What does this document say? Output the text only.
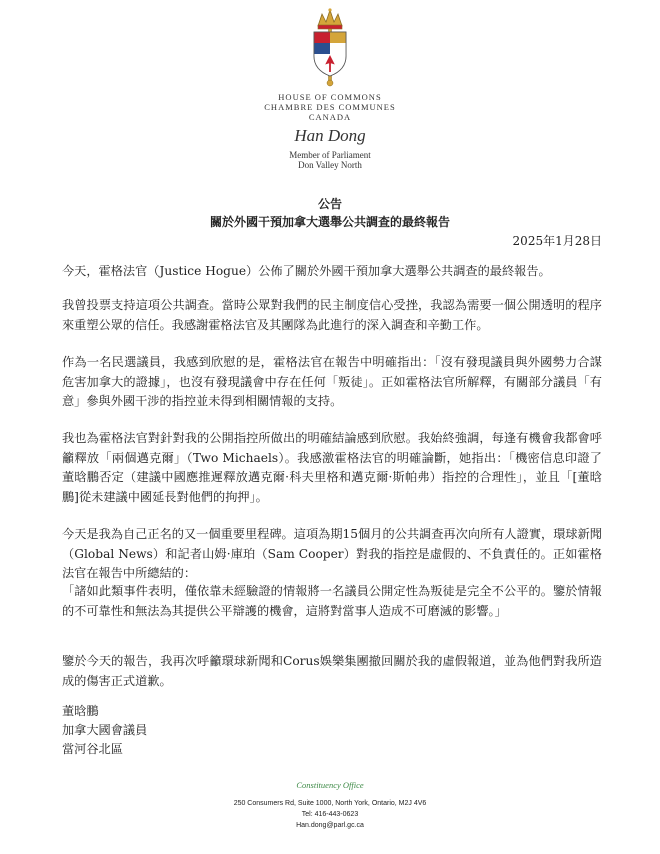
HOUSE OF COMMONS
CHAMBRE DES COMMUNES
CANADA
Han Dong
Member of Parliament
Don Valley North
公告
關於外國干預加拿大選舉公共調查的最終報告
2025年1月28日
今天，霍格法官（Justice Hogue）公佈了關於外國干預加拿大選舉公共調查的最終報告。
我曾投票支持這項公共調查。當時公眾對我們的民主制度信心受挫，我認為需要一個公開透明的程序來重塑公眾的信任。我感謝霍格法官及其團隊為此進行的深入調查和辛勤工作。
作為一名民選議員，我感到欣慰的是，霍格法官在報告中明確指出：「沒有發現議員與外國勢力合謀危害加拿大的證據」，也沒有發現議會中存在任何「叛徒」。正如霍格法官所解釋，有關部分議員「有意」參與外國干涉的指控並未得到相關情報的支持。
我也為霍格法官對針對我的公開指控所做出的明確結論感到欣慰。我始終強調，每逢有機會我都會呼籲釋放「兩個邁克爾」（Two Michaels）。我感激霍格法官的明確論斷，她指出：「機密信息印證了董晗鵬否定（建議中國應推遲釋放邁克爾·科夫里格和邁克爾·斯帕弗）指控的合理性」，並且「[董晗鵬]從未建議中國延長對他們的拘押」。
今天是我為自己正名的又一個重要里程碑。這項為期15個月的公共調查再次向所有人證實，環球新聞（Global News）和記者山姆·庫珀（Sam Cooper）對我的指控是虛假的、不負責任的。正如霍格法官在報告中所總結的：
「諸如此類事件表明，僅依靠未經驗證的情報將一名議員公開定性為叛徒是完全不公平的。鑒於情報的不可靠性和無法為其提供公平辯護的機會，這將對當事人造成不可磨滅的影響。」
鑒於今天的報告，我再次呼籲環球新聞和Corus娛樂集團撤回關於我的虛假報道，並為他們對我所造成的傷害正式道歉。
董晗鵬
加拿大國會議員
當河谷北區
Constituency Office
250 Consumers Rd, Suite 1000, North York, Ontario, M2J 4V6
Tel: 416-443-0623
Han.dong@parl.gc.ca
